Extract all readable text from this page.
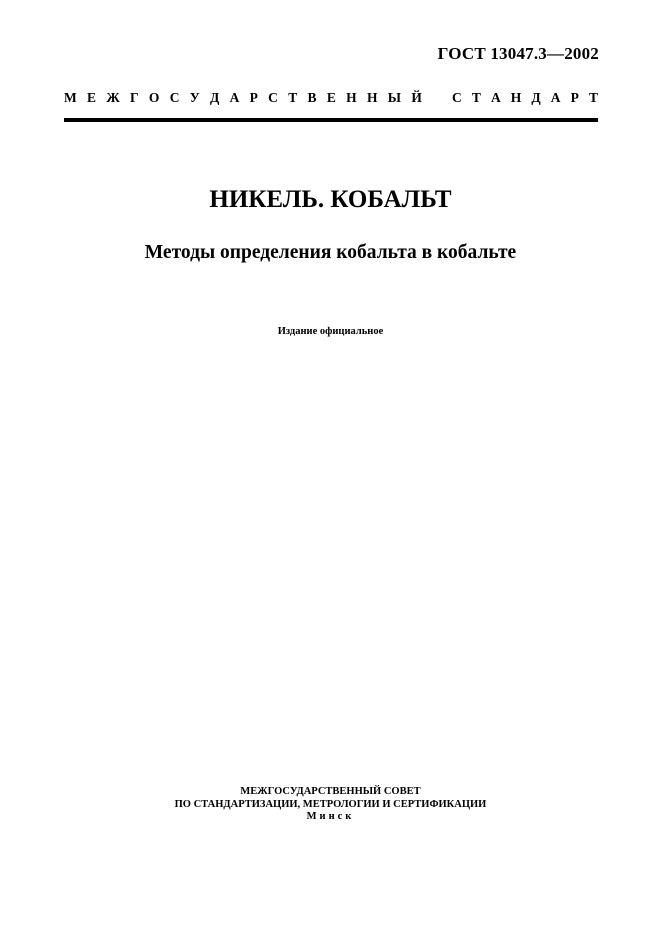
ГОСТ 13047.3—2002
М Е Ж Г О С У Д А Р С Т В Е Н Н Ы Й С Т А Н Д А Р Т
НИКЕЛЬ. КОБАЛЬТ
Методы определения кобальта в кобальте
Издание официальное
МЕЖГОСУДАРСТВЕННЫЙ СОВЕТ
ПО СТАНДАРТИЗАЦИИ, МЕТРОЛОГИИ И СЕРТИФИКАЦИИ
Минск
